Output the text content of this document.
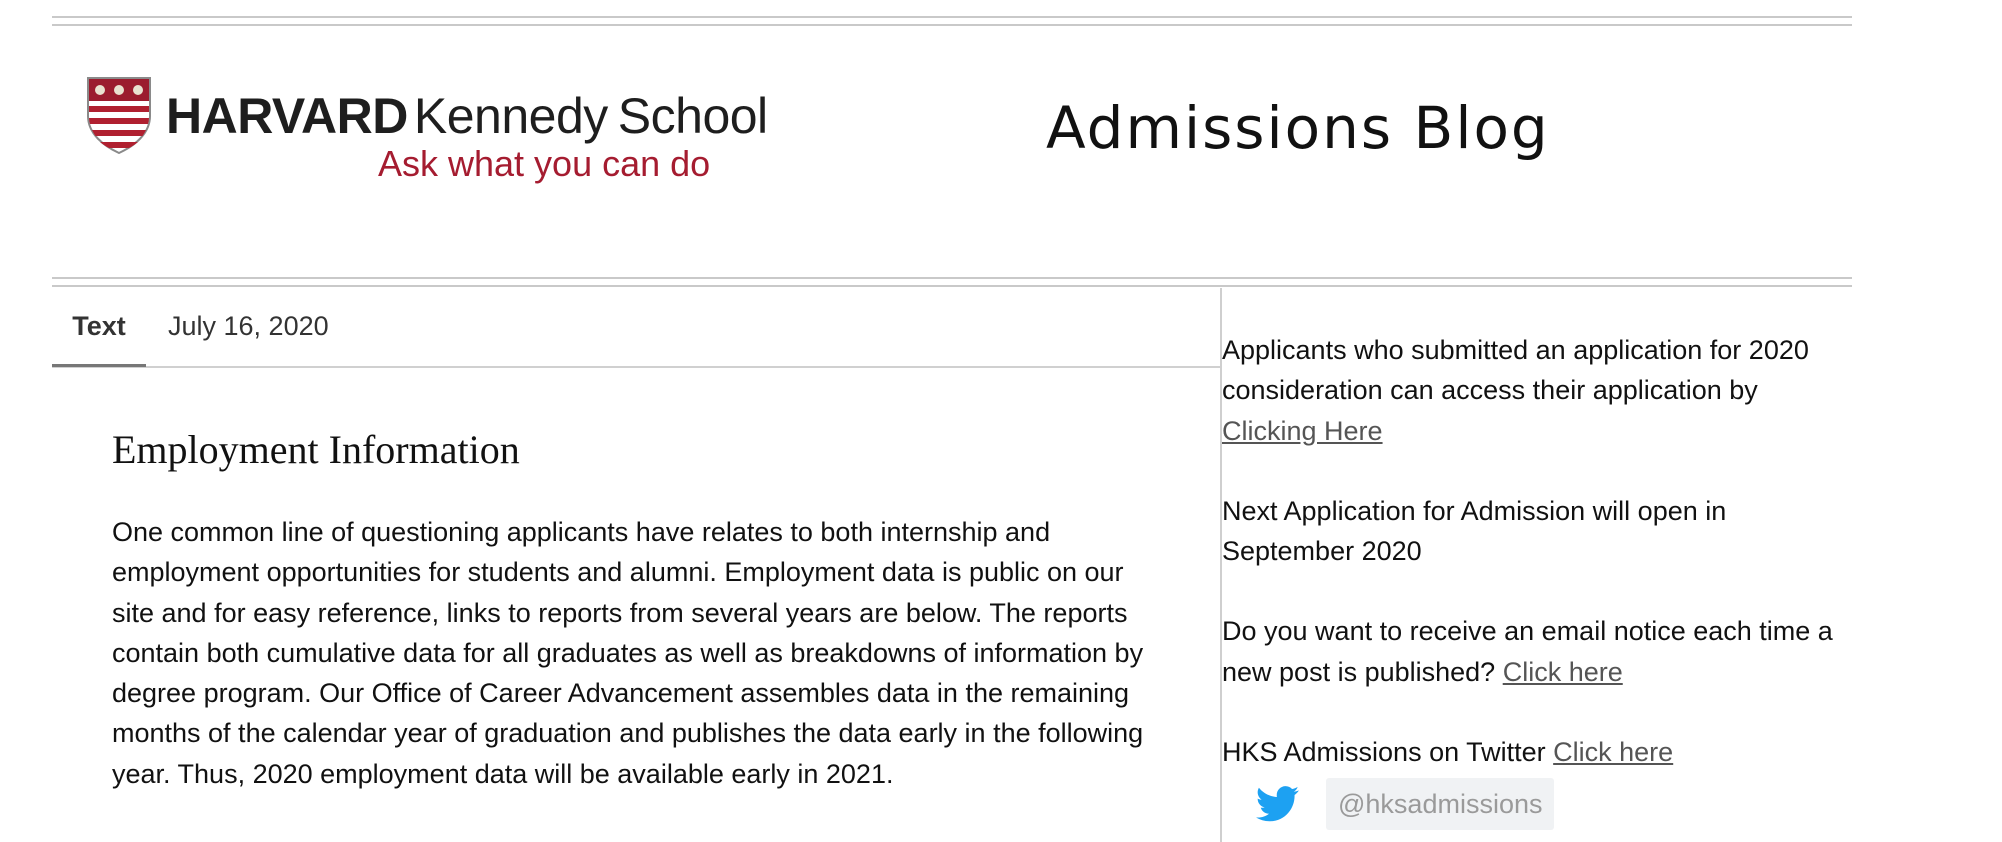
HARVARD Kennedy School
Ask what you can do
Admissions Blog
Text	July 16, 2020
Employment Information
One common line of questioning applicants have relates to both internship and employment opportunities for students and alumni. Employment data is public on our site and for easy reference, links to reports from several years are below. The reports contain both cumulative data for all graduates as well as breakdowns of information by degree program. Our Office of Career Advancement assembles data in the remaining months of the calendar year of graduation and publishes the data early in the following year. Thus, 2020 employment data will be available early in 2021.

Applicants who submitted an application for 2020 consideration can access their application by
Clicking Here

Next Application for Admission will open in September 2020

Do you want to receive an email notice each time a new post is published? Click here

HKS Admissions on Twitter Click here

@hksadmissions
